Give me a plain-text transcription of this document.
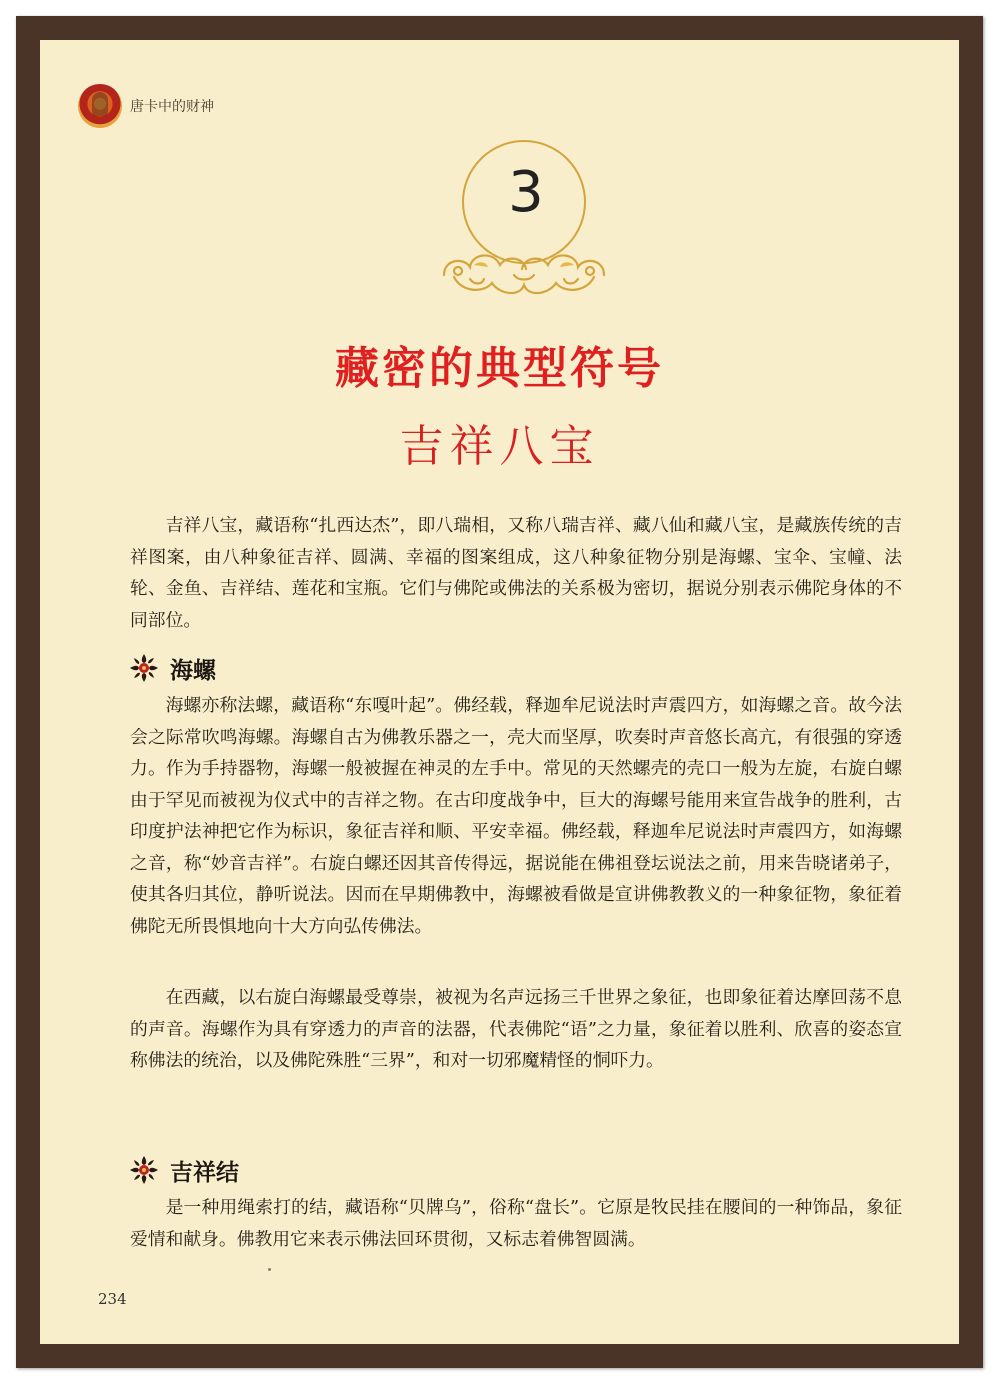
唐卡中的财神
3
藏密的典型符号
吉祥八宝

吉祥八宝，藏语称“扎西达杰”，即八瑞相，又称八瑞吉祥、藏八仙和藏八宝，是藏族传统的吉祥图案，由八种象征吉祥、圆满、幸福的图案组成，这八种象征物分别是海螺、宝伞、宝幢、法轮、金鱼、吉祥结、莲花和宝瓶。它们与佛陀或佛法的关系极为密切，据说分别表示佛陀身体的不同部位。

海螺

海螺亦称法螺，藏语称“东嘎叶起”。佛经载，释迦牟尼说法时声震四方，如海螺之音。故今法会之际常吹鸣海螺。海螺自古为佛教乐器之一，壳大而坚厚，吹奏时声音悠长高亢，有很强的穿透力。作为手持器物，海螺一般被握在神灵的左手中。常见的天然螺壳的壳口一般为左旋，右旋白螺由于罕见而被视为仪式中的吉祥之物。在古印度战争中，巨大的海螺号能用来宣告战争的胜利，古印度护法神把它作为标识，象征吉祥和顺、平安幸福。佛经载，释迦牟尼说法时声震四方，如海螺之音，称“妙音吉祥”。右旋白螺还因其音传得远，据说能在佛祖登坛说法之前，用来告晓诸弟子，使其各归其位，静听说法。因而在早期佛教中，海螺被看做是宣讲佛教教义的一种象征物，象征着佛陀无所畏惧地向十大方向弘传佛法。

在西藏，以右旋白海螺最受尊崇，被视为名声远扬三千世界之象征，也即象征着达摩回荡不息的声音。海螺作为具有穿透力的声音的法器，代表佛陀“语”之力量，象征着以胜利、欣喜的姿态宣称佛法的统治，以及佛陀殊胜“三界”，和对一切邪魔精怪的恫吓力。

吉祥结

是一种用绳索打的结，藏语称“贝牌乌”，俗称“盘长”。它原是牧民挂在腰间的一种饰品，象征爱情和献身。佛教用它来表示佛法回环贯彻，又标志着佛智圆满。

234
